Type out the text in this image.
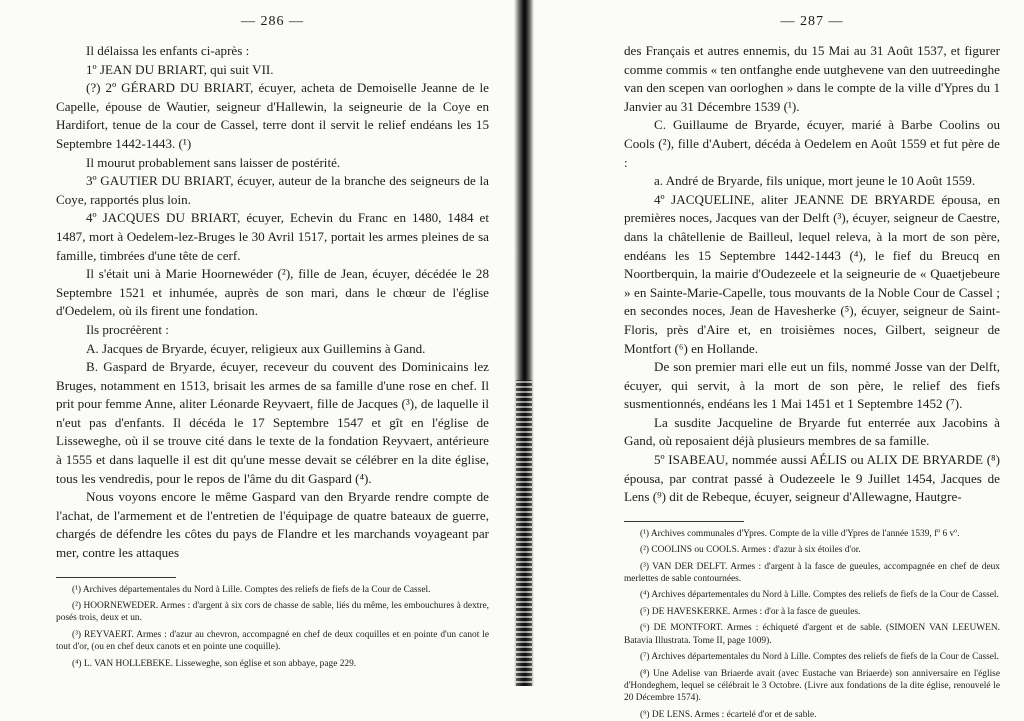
— 286 —

Il délaissa les enfants ci-après :

1º JEAN DU BRIART, qui suit VII.

(?) 2º GÉRARD DU BRIART, écuyer, acheta de Demoiselle Jeanne de le Capelle, épouse de Wautier, seigneur d'Hallewin, la seigneurie de la Coye en Hardifort, tenue de la cour de Cassel, terre dont il servit le relief endéans les 15 Septembre 1442-1443. (¹)

Il mourut probablement sans laisser de postérité.

3º GAUTIER DU BRIART, écuyer, auteur de la branche des seigneurs de la Coye, rapportés plus loin.

4º JACQUES DU BRIART, écuyer, Echevin du Franc en 1480, 1484 et 1487, mort à Oedelem-lez-Bruges le 30 Avril 1517, portait les armes pleines de sa famille, timbrées d'une tête de cerf.

Il s'était uni à Marie Hoornewéder (²), fille de Jean, écuyer, décédée le 28 Septembre 1521 et inhumée, auprès de son mari, dans le chœur de l'église d'Oedelem, où ils firent une fondation.

Ils procréèrent :

A. Jacques de Bryarde, écuyer, religieux aux Guillemins à Gand.

B. Gaspard de Bryarde, écuyer, receveur du couvent des Dominicains lez Bruges, notamment en 1513, brisait les armes de sa famille d'une rose en chef. Il prit pour femme Anne, aliter Léonarde Reyvaert, fille de Jacques (³), de laquelle il n'eut pas d'enfants. Il décéda le 17 Septembre 1547 et gît en l'église de Lisseweghe, où il se trouve cité dans le texte de la fondation Reyvaert, antérieure à 1555 et dans laquelle il est dit qu'une messe devait se célébrer en la dite église, tous les vendredis, pour le repos de l'âme du dit Gaspard (⁴).

Nous voyons encore le même Gaspard van den Bryarde rendre compte de l'achat, de l'armement et de l'entretien de l'équipage de quatre bateaux de guerre, chargés de défendre les côtes du pays de Flandre et les marchands voyageant par mer, contre les attaques

(¹) Archives départementales du Nord à Lille. Comptes des reliefs de fiefs de la Cour de Cassel.

(²) HOORNEWEDER. Armes : d'argent à six cors de chasse de sable, liés du même, les embouchures à dextre, posés trois, deux et un.

(³) REYVAERT. Armes : d'azur au chevron, accompagné en chef de deux coquilles et en pointe d'un canot le tout d'or, (ou en chef deux canots et en pointe une coquille).

(⁴) L. VAN HOLLEBEKE. Lisseweghe, son église et son abbaye, page 229.

— 287 —

des Français et autres ennemis, du 15 Mai au 31 Août 1537, et figurer comme commis « ten ontfanghe ende uutghevene van den uutreedinghe van den scepen van oorloghen » dans le compte de la ville d'Ypres du 1 Janvier au 31 Décembre 1539 (¹).

C. Guillaume de Bryarde, écuyer, marié à Barbe Coolins ou Cools (²), fille d'Aubert, décéda à Oedelem en Août 1559 et fut père de :

a. André de Bryarde, fils unique, mort jeune le 10 Août 1559.

4º JACQUELINE, aliter JEANNE DE BRYARDE épousa, en premières noces, Jacques van der Delft (³), écuyer, seigneur de Caestre, dans la châtellenie de Bailleul, lequel releva, à la mort de son père, endéans les 15 Septembre 1442-1443 (⁴), le fief du Breucq en Noortberquin, la mairie d'Oudezeele et la seigneurie de « Quaetjebeure » en Sainte-Marie-Capelle, tous mouvants de la Noble Cour de Cassel ; en secondes noces, Jean de Havesherke (⁵), écuyer, seigneur de Saint-Floris, près d'Aire et, en troisièmes noces, Gilbert, seigneur de Montfort (⁶) en Hollande.

De son premier mari elle eut un fils, nommé Josse van der Delft, écuyer, qui servit, à la mort de son père, le relief des fiefs susmentionnés, endéans les 1 Mai 1451 et 1 Septembre 1452 (⁷).

La susdite Jacqueline de Bryarde fut enterrée aux Jacobins à Gand, où reposaient déjà plusieurs membres de sa famille.

5º ISABEAU, nommée aussi AÉLIS ou ALIX DE BRYARDE (⁸) épousa, par contrat passé à Oudezeele le 9 Juillet 1454, Jacques de Lens (⁹) dit de Rebeque, écuyer, seigneur d'Allewagne, Hautgre-

(¹) Archives communales d'Ypres. Compte de la ville d'Ypres de l'année 1539, fº 6 vº.

(²) COOLINS ou COOLS. Armes : d'azur à six étoiles d'or.

(³) VAN DER DELFT. Armes : d'argent à la fasce de gueules, accompagnée en chef de deux merlettes de sable contournées.

(⁴) Archives départementales du Nord à Lille. Comptes des reliefs de fiefs de la Cour de Cassel.

(⁵) DE HAVESKERKE. Armes : d'or à la fasce de gueules.

(⁶) DE MONTFORT. Armes : échiqueté d'argent et de sable. (SIMOEN VAN LEEUWEN. Batavia Illustrata. Tome II, page 1009).

(⁷) Archives départementales du Nord à Lille. Comptes des reliefs de fiefs de la Cour de Cassel.

(⁸) Une Adelise van Briaerde avait (avec Eustache van Briaerde) son anniversaire en l'église d'Hondeghem, lequel se célébrait le 3 Octobre. (Livre aux fondations de la dite église, renouvelé le 20 Décembre 1574).

(⁹) DE LENS. Armes : écartelé d'or et de sable.
